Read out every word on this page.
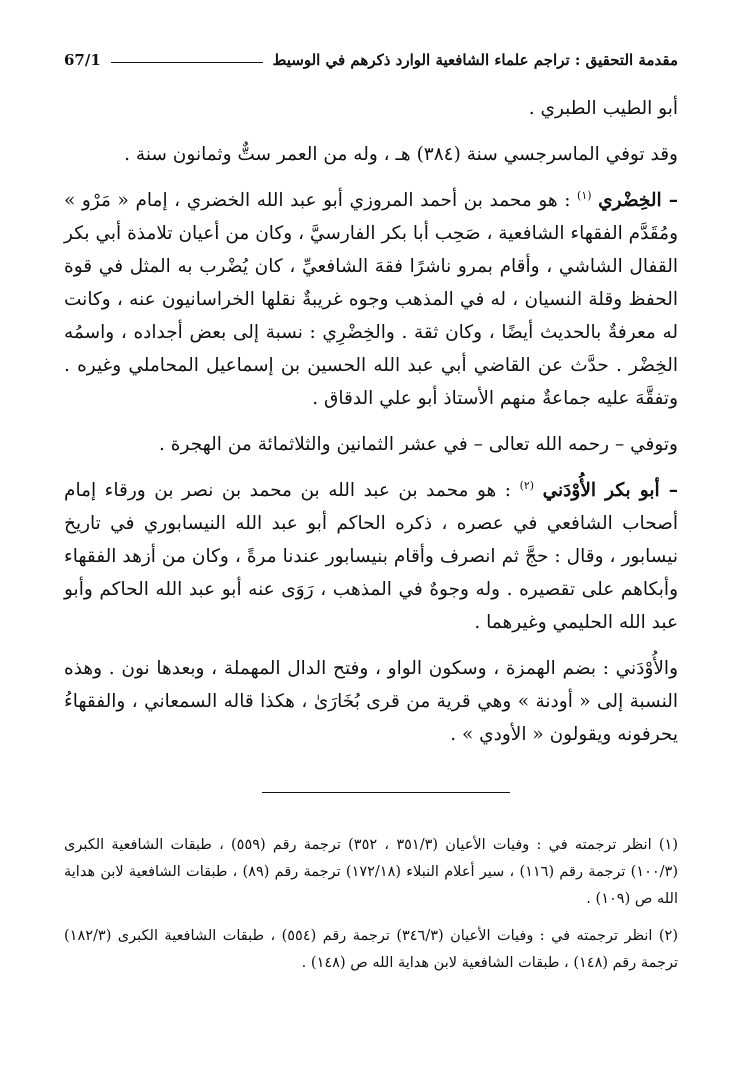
مقدمة التحقيق : تراجم علماء الشافعية الوارد ذكرهم في الوسيط
67/1

أبو الطيب الطبري .

وقد توفي الماسرجسي سنة (٣٨٤) هـ ، وله من العمر ستٌّ وثمانون سنة .

– الخِضْري $^{(١)}$ : هو محمد بن أحمد المروزي أبو عبد الله الخضري ، إمام « مَرْو » ومُقَدَّم الفقهاء الشافعية ، صَحِب أبا بكر الفارسيَّ ، وكان من أعيان تلامذة أبي بكر القفال الشاشي ، وأقام بمرو ناشرًا فقهَ الشافعيِّ ، كان يُضْرب به المثل في قوة الحفظ وقلة النسيان ، له في المذهب وجوه غريبةٌ نقلها الخراسانيون عنه ، وكانت له معرفةٌ بالحديث أيضًا ، وكان ثقة . والخِضْرِي : نسبة إلى بعض أجداده ، واسمُه الخِضْر . حدَّث عن القاضي أبي عبد الله الحسين بن إسماعيل المحاملي وغيره . وتفقَّهَ عليه جماعةٌ منهم الأستاذ أبو علي الدقاق .

وتوفي – رحمه الله تعالى – في عشر الثمانين والثلاثمائة من الهجرة .

– أبو بكر الأُوْدَني $^{(٢)}$ : هو محمد بن عبد الله بن محمد بن نصر بن ورقاء إمام أصحاب الشافعي في عصره ، ذكره الحاكم أبو عبد الله النيسابوري في تاريخ نيسابور ، وقال : حجَّ ثم انصرف وأقام بنيسابور عندنا مرةً ، وكان من أزهد الفقهاء وأبكاهم على تقصيره . وله وجوهٌ في المذهب ، رَوَى عنه أبو عبد الله الحاكم وأبو عبد الله الحليمي وغيرهما .

والأُوْدَني : بضم الهمزة ، وسكون الواو ، وفتح الدال المهملة ، وبعدها نون . وهذه النسبة إلى « أودنة » وهي قرية من قرى بُخَارَىٰ ، هكذا قاله السمعاني ، والفقهاءُ يحرفونه ويقولون « الأودي » .

(١) انظر ترجمته في : وفيات الأعيان (٣٥١/٣ ، ٣٥٢) ترجمة رقم (٥٥٩) ، طبقات الشافعية الكبرى (١٠٠/٣) ترجمة رقم (١١٦) ، سير أعلام النبلاء (١٧٢/١٨) ترجمة رقم (٨٩) ، طبقات الشافعية لابن هداية الله ص (١٠٩) .

(٢) انظر ترجمته في : وفيات الأعيان (٣٤٦/٣) ترجمة رقم (٥٥٤) ، طبقات الشافعية الكبرى (١٨٢/٣) ترجمة رقم (١٤٨) ، طبقات الشافعية لابن هداية الله ص (١٤٨) .
